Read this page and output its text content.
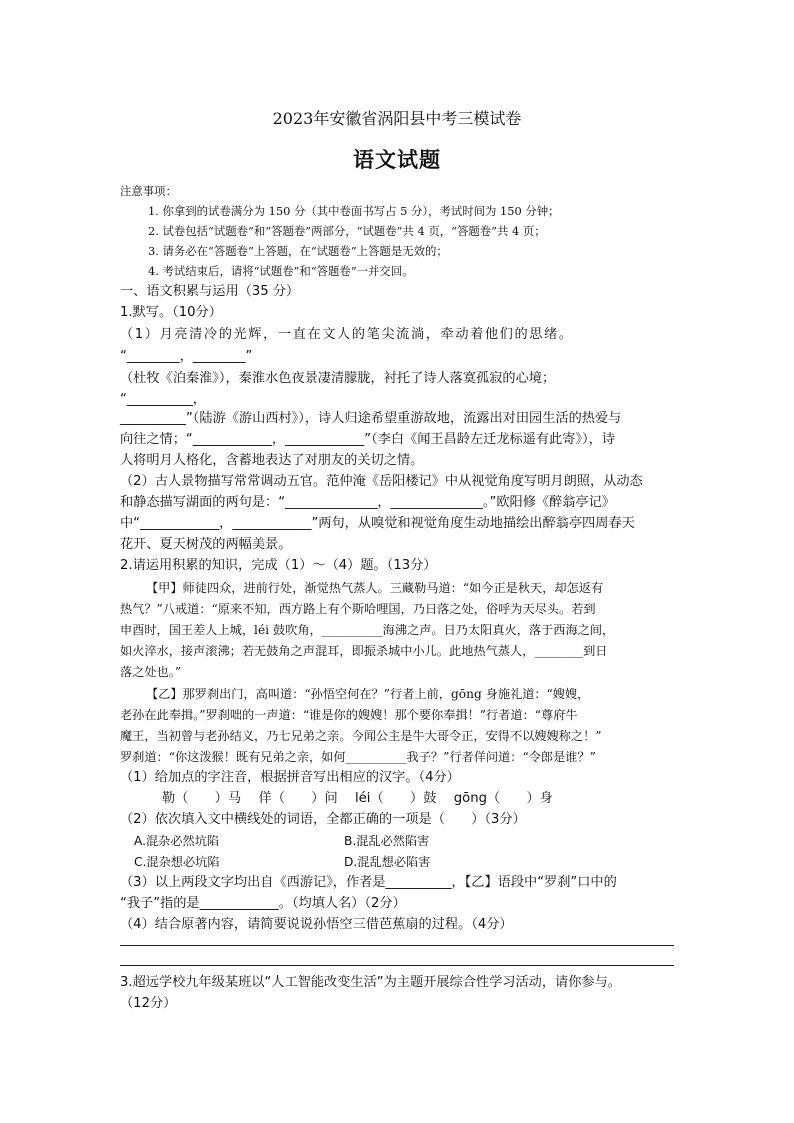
2023年安徽省涡阳县中考三模试卷
语文试题
注意事项：
1. 你拿到的试卷满分为 150 分（其中卷面书写占 5 分），考试时间为 150 分钟；
2. 试卷包括“试题卷”和“答题卷”两部分，“试题卷”共 4 页，“答题卷”共 4 页；
3. 请务必在“答题卷”上答题，在“试题卷”上答题是无效的；
4. 考试结束后，请将“试题卷”和“答题卷”一并交回。
一、语文积累与运用（35 分）
1.默写。（10分）
（1）月亮清冷的光辉，一直在文人的笔尖流淌，牵动着他们的思绪。
“________，________”
（杜牧《泊秦淮》），秦淮水色夜景凄清朦胧，衬托了诗人落寞孤寂的心境；
“__________，
__________”（陆游《游山西村》），诗人归途希望重游故地，流露出对田园生活的热爱与
向往之情；“____________，____________”（李白《闻王昌龄左迁龙标遥有此寄》），诗
人将明月人格化，含蓄地表达了对朋友的关切之情。
（2）古人景物描写常常调动五官。范仲淹《岳阳楼记》中从视觉角度写明月朗照，从动态
和静态描写湖面的两句是：“______________，______________。”欧阳修《醉翁亭记》
中“____________，____________”两句，从嗅觉和视觉角度生动地描绘出醉翁亭四周春天
花开、夏天树茂的两幅美景。
2.请运用积累的知识，完成（1）～（4）题。（13分）
【甲】师徒四众，进前行处，渐觉热气蒸人。三藏勒马道：“如今正是秋天，却怎返有
热气？”八戒道：“原来不知，西方路上有个斯哈哩国，乃日落之处，俗呼为天尽头。若到
申酉时，国王差人上城，léi 鼓吹角，__________海沸之声。日乃太阳真火，落于西海之间，
如火淬水，接声滚沸；若无鼓角之声混耳，即振杀城中小儿。此地热气蒸人，________到日
落之处也。”
【乙】那罗刹出门，高叫道：“孙悟空何在？”行者上前，gōng 身施礼道：“嫂嫂，
老孙在此奉揖。”罗刹咄的一声道：“谁是你的嫂嫂！那个要你奉揖！”行者道：“尊府牛
魔王，当初曾与老孙结义，乃七兄弟之亲。今闻公主是牛大哥令正，安得不以嫂嫂称之！”
罗刹道：“你这泼猴！既有兄弟之亲，如何__________我子？”行者佯问道：“令郎是谁？”
（1）给加点的字注音，根据拼音写出相应的汉字。（4分）
勒（　　）马　 佯（　　）问　 léi（　　）鼓　 gōng（　　）身
（2）依次填入文中横线处的词语，全都正确的一项是（　　）（3分）
A.混杂必然坑陷	B.混乱必然陷害
C.混杂想必坑陷	D.混乱想必陷害
（3）以上两段文字均出自《西游记》，作者是__________，【乙】语段中“罗刹”口中的
“我子”指的是____________。（均填人名）（2分）
（4）结合原著内容，请简要说说孙悟空三借芭蕉扇的过程。（4分）
3.超远学校九年级某班以“人工智能改变生活”为主题开展综合性学习活动，请你参与。
（12分）
